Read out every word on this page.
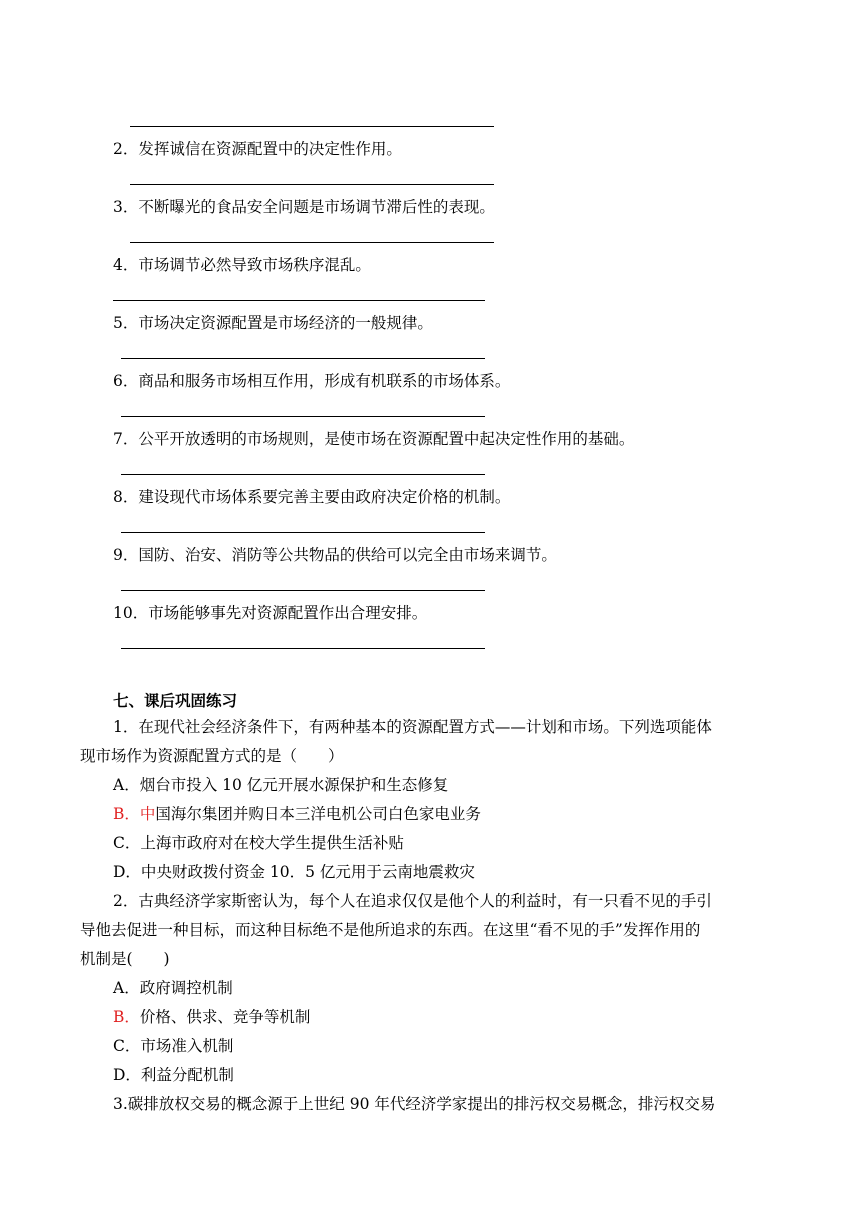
2．发挥诚信在资源配置中的决定性作用。
3．不断曝光的食品安全问题是市场调节滞后性的表现。
4．市场调节必然导致市场秩序混乱。
5．市场决定资源配置是市场经济的一般规律。
6．商品和服务市场相互作用，形成有机联系的市场体系。
7．公平开放透明的市场规则，是使市场在资源配置中起决定性作用的基础。
8．建设现代市场体系要完善主要由政府决定价格的机制。
9．国防、治安、消防等公共物品的供给可以完全由市场来调节。
10．市场能够事先对资源配置作出合理安排。
七、课后巩固练习
1．在现代社会经济条件下，有两种基本的资源配置方式——计划和市场。下列选项能体
现市场作为资源配置方式的是（　　）
A．烟台市投入 10 亿元开展水源保护和生态修复
B．中国海尔集团并购日本三洋电机公司白色家电业务
C．上海市政府对在校大学生提供生活补贴
D．中央财政拨付资金 10．5 亿元用于云南地震救灾
2．古典经济学家斯密认为，每个人在追求仅仅是他个人的利益时，有一只看不见的手引
导他去促进一种目标，而这种目标绝不是他所追求的东西。在这里“看不见的手”发挥作用的
机制是(　　)
A．政府调控机制
B．价格、供求、竞争等机制
C．市场准入机制
D．利益分配机制
3.碳排放权交易的概念源于上世纪 90 年代经济学家提出的排污权交易概念，排污权交易
